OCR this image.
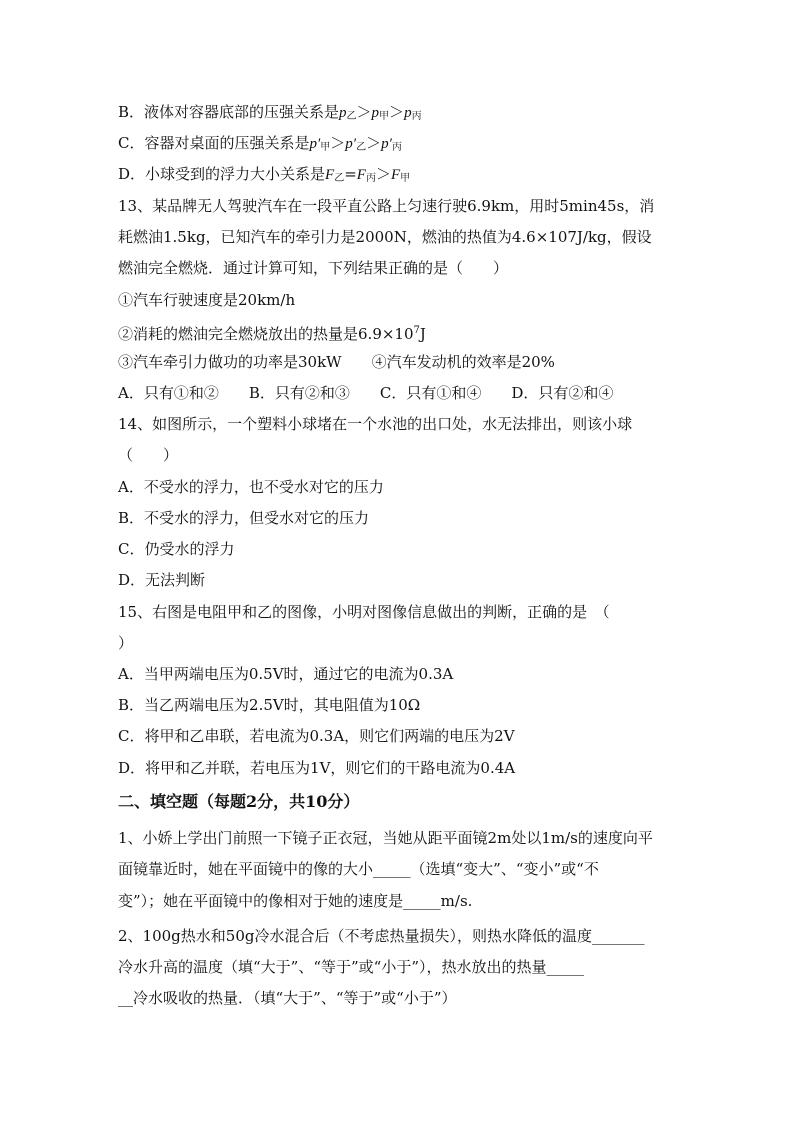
B．液体对容器底部的压强关系是$p_乙>p_甲>p_丙$
C．容器对桌面的压强关系是$p'_甲>p'_乙>p'_丙$
D．小球受到的浮力大小关系是$F_乙=F_丙>F_甲$
13、某品牌无人驾驶汽车在一段平直公路上匀速行驶6.9km，用时5min45s，消
耗燃油1.5kg，已知汽车的牵引力是2000N，燃油的热值为4.6×107J/kg，假设
燃油完全燃烧．通过计算可知，下列结果正确的是（　　）
①汽车行驶速度是20km/h
②消耗的燃油完全燃烧放出的热量是$6.9\times 10^7J$
③汽车牵引力做功的功率是30kW　　④汽车发动机的效率是20%
A．只有①和②　　B．只有②和③　　C．只有①和④　　D．只有②和④
14、如图所示，一个塑料小球堵在一个水池的出口处，水无法排出，则该小球
（　　）
A．不受水的浮力，也不受水对它的压力
B．不受水的浮力，但受水对它的压力
C．仍受水的浮力
D．无法判断
15、右图是电阻甲和乙的图像，小明对图像信息做出的判断，正确的是　（
）
A．当甲两端电压为0.5V时，通过它的电流为0.3A
B．当乙两端电压为2.5V时，其电阻值为10Ω
C．将甲和乙串联，若电流为0.3A，则它们两端的电压为2V
D．将甲和乙并联，若电压为1V，则它们的干路电流为0.4A
二、填空题（每题2分，共10分）
1、小娇上学出门前照一下镜子正衣冠，当她从距平面镜2m处以1m/s的速度向平
面镜靠近时，她在平面镜中的像的大小_____（选填“变大”、“变小”或“不
变”）；她在平面镜中的像相对于她的速度是_____m/s.
2、100g热水和50g冷水混合后（不考虑热量损失），则热水降低的温度_______
冷水升高的温度（填“大于”、“等于”或“小于”），热水放出的热量_____
__冷水吸收的热量．（填“大于”、“等于”或“小于”）
